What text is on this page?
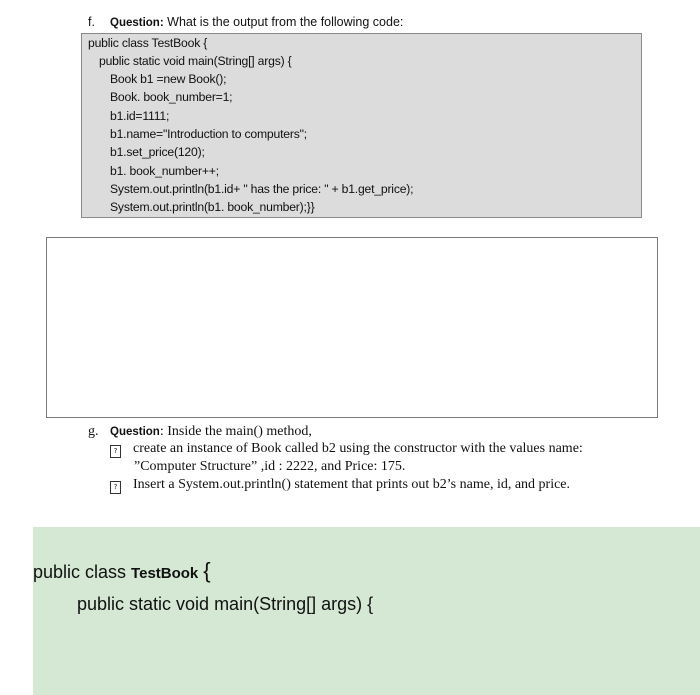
f. Question: What is the output from the following code:
public class TestBook {
public static void main(String[] args) {
Book b1 =new Book();
Book. book_number=1;
b1.id=1111;
b1.name="Introduction to computers";
b1.set_price(120);
b1. book_number++;
System.out.println(b1.id+ " has the price: " + b1.get_price);
System.out.println(b1. book_number);}}
g. Question: Inside the main() method,
? create an instance of Book called b2 using the constructor with the values name:
”Computer Structure” ,id : 2222, and Price: 175.
? Insert a System.out.println() statement that prints out b2’s name, id, and price.
public class TestBook {
public static void main(String[] args) {
